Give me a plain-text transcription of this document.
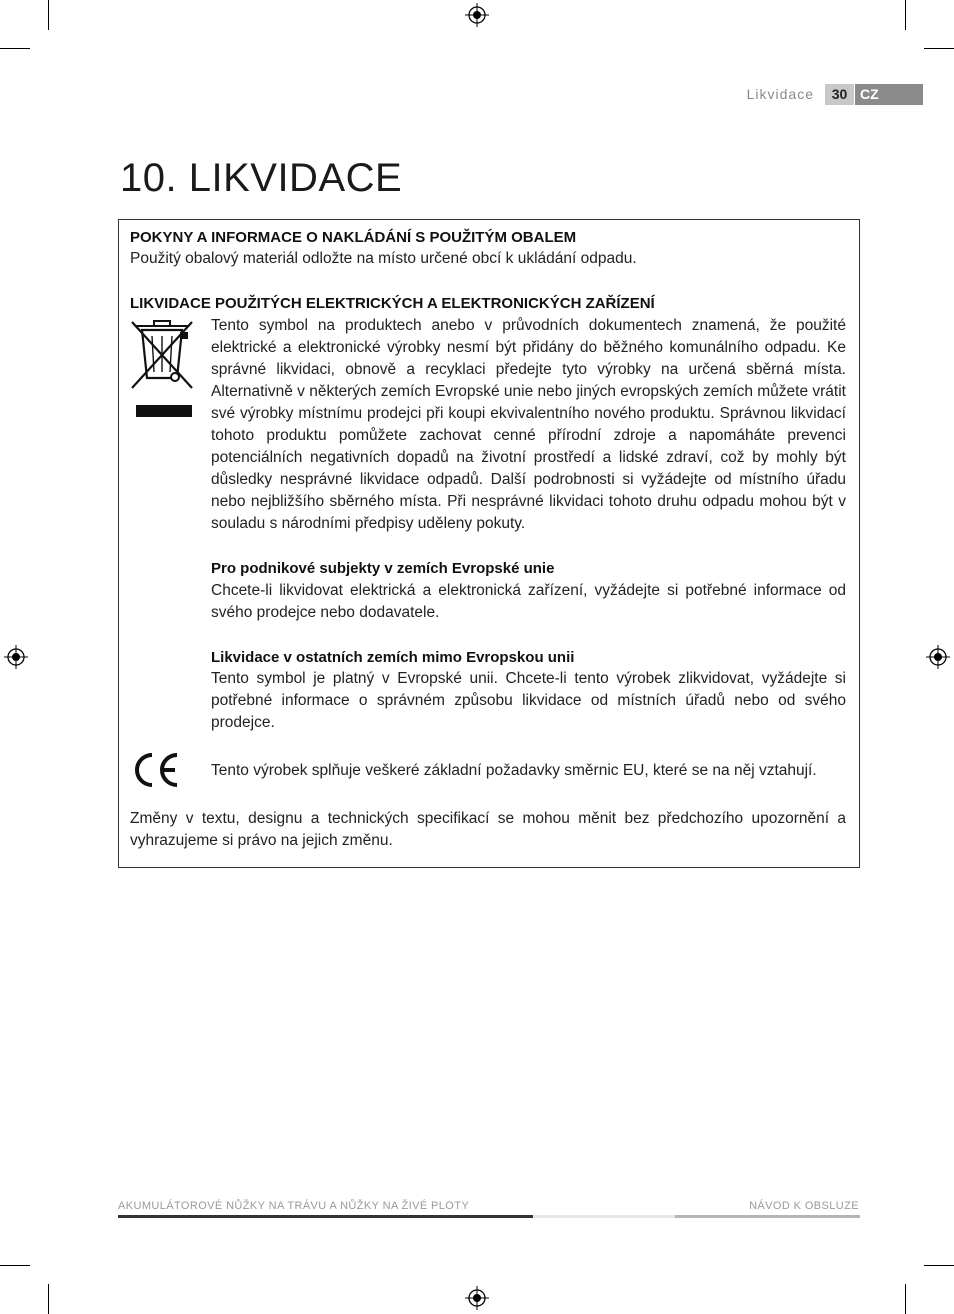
Likvidace	30 CZ
10. LIKVIDACE
POKYNY A INFORMACE O NAKLÁDÁNÍ S POUŽITÝM OBALEM

Použitý obalový materiál odložte na místo určené obcí k ukládání odpadu.

LIKVIDACE POUŽITÝCH ELEKTRICKÝCH A ELEKTRONICKÝCH ZAŘÍZENÍ

Tento symbol na produktech anebo v průvodních dokumentech znamená, že použité elektrické a elektronické výrobky nesmí být přidány do běžného komunálního odpadu. Ke správné likvidaci, obnově a recyklaci předejte tyto výrobky na určená sběrná místa. Alternativně v některých zemích Evropské unie nebo jiných evropských zemích můžete vrátit své výrobky místnímu prodejci při koupi ekvivalentního nového produktu. Správnou likvidací tohoto produktu pomůžete zachovat cenné přírodní zdroje a napomáháte prevenci potenciálních negativních dopadů na životní prostředí a lidské zdraví, což by mohly být důsledky nesprávné likvidace odpadů. Další podrobnosti si vyžádejte od místního úřadu nebo nejbližšího sběrného místa. Při nesprávné likvidaci tohoto druhu odpadu mohou být v souladu s národními předpisy uděleny pokuty.

Pro podnikové subjekty v zemích Evropské unie

Chcete-li likvidovat elektrická a elektronická zařízení, vyžádejte si potřebné informace od svého prodejce nebo dodavatele.

Likvidace v ostatních zemích mimo Evropskou unii

Tento symbol je platný v Evropské unii. Chcete-li tento výrobek zlikvidovat, vyžádejte si potřebné informace o správném způsobu likvidace od místních úřadů nebo od svého prodejce.

Tento výrobek splňuje veškeré základní požadavky směrnic EU, které se na něj vztahují.

Změny v textu, designu a technických specifikací se mohou měnit bez předchozího upozornění a vyhrazujeme si právo na jejich změnu.

AKUMULÁTOROVÉ NŮŽKY NA TRÁVU A NŮŽKY NA ŽIVÉ PLOTY	NÁVOD K OBSLUZE
